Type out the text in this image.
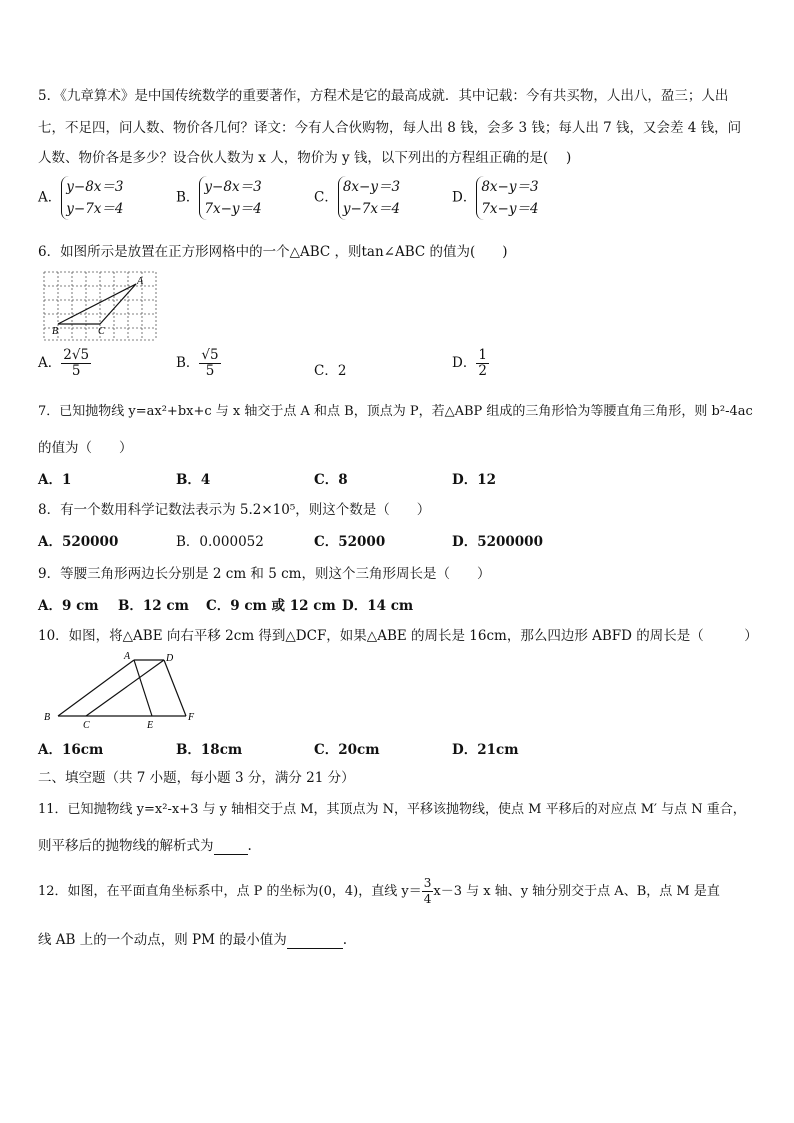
5．《九章算术》是中国传统数学的重要著作，方程术是它的最高成就．其中记载：今有共买物，人出八，盈三；人出
七，不足四，问人数、物价各几何？译文：今有人合伙购物，每人出 8 钱，会多 3 钱；每人出 7 钱，又会差 4 钱，问
人数、物价各是多少？设合伙人数为 x 人，物价为 y 钱，以下列出的方程组正确的是(　 )
A．
y−8x＝3
y−7x＝4
B．
y−8x＝3
7x−y＝4
C．
8x−y＝3
y−7x＝4
D．
8x−y＝3
7x−y＝4
6．如图所示是放置在正方形网格中的一个△ABC ，则tan∠ABC 的值为(　　)
A
B	C
A． $\frac{2√5}{5}$	B． $\frac{√5}{5}$	C．2	D． $\frac{1}{2}$
7．已知抛物线 y=ax²+bx+c 与 x 轴交于点 A 和点 B，顶点为 P，若△ABP 组成的三角形恰为等腰直角三角形，则 b²-4ac
的值为（　　）
A．1	B．4	C．8	D．12
8．有一个数用科学记数法表示为 5.2×10⁵，则这个数是（　　）
A．520000	B．0.000052	C．52000	D．5200000
9．等腰三角形两边长分别是 2 cm 和 5 cm，则这个三角形周长是（　　）
A．9 cm B．12 cm C．9 cm 或 12 cm D．14 cm
10．如图，将△ABE 向右平移 2cm 得到△DCF，如果△ABE 的周长是 16cm，那么四边形 ABFD 的周长是（　　　）
A
B
C
D
E
F
A．16cm	B．18cm	C．20cm	D．21cm
二、填空题（共 7 小题，每小题 3 分，满分 21 分）
11．已知抛物线 y=x²-x+3 与 y 轴相交于点 M，其顶点为 N，平移该抛物线，使点 M 平移后的对应点 M′ 与点 N 重合，
则平移后的抛物线的解析式为	.
12．如图，在平面直角坐标系中，点 P 的坐标为(0，4)，直线 $y= \frac{3}{4} x-3$ 与 x 轴、y 轴分别交于点 A、B，点 M 是直
线 AB 上的一个动点，则 PM 的最小值为	.
